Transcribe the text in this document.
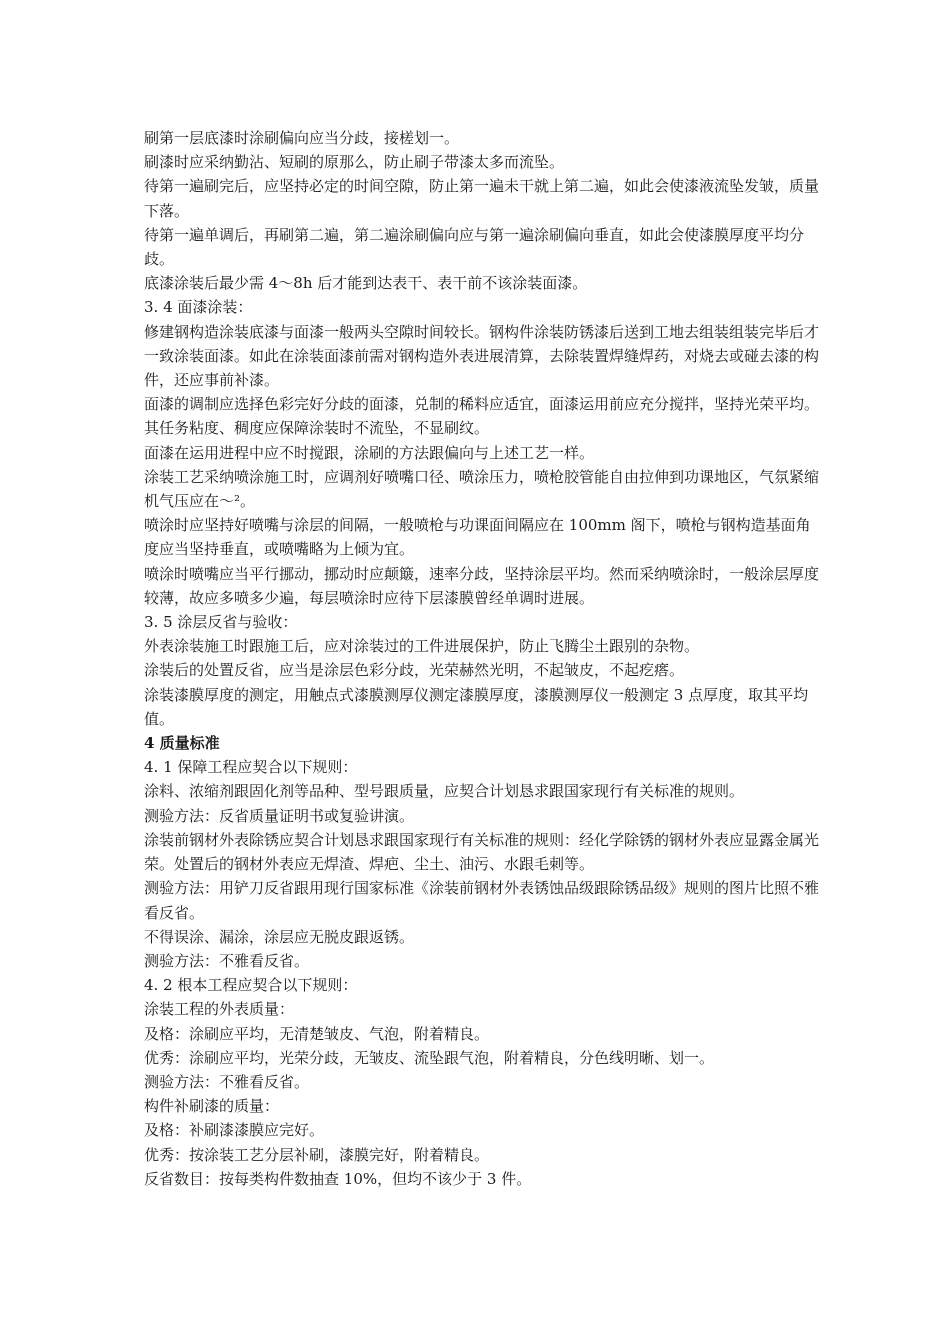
刷第一层底漆时涂刷偏向应当分歧，接槎划一。

刷漆时应采纳勤沾、短刷的原那么，防止刷子带漆太多而流坠。

待第一遍刷完后，应坚持必定的时间空隙，防止第一遍未干就上第二遍，如此会使漆液流坠发皱，质量下落。

待第一遍单调后，再刷第二遍，第二遍涂刷偏向应与第一遍涂刷偏向垂直，如此会使漆膜厚度平均分歧。

底漆涂装后最少需 4～8h 后才能到达表干、表干前不该涂装面漆。

3. 4 面漆涂装：

修建钢构造涂装底漆与面漆一般两头空隙时间较长。钢构件涂装防锈漆后送到工地去组装组装完毕后才一致涂装面漆。如此在涂装面漆前需对钢构造外表进展清算，去除装置焊缝焊药，对烧去或碰去漆的构件，还应事前补漆。

面漆的调制应选择色彩完好分歧的面漆，兑制的稀料应适宜，面漆运用前应充分搅拌，坚持光荣平均。其任务粘度、稠度应保障涂装时不流坠，不显刷纹。

面漆在运用进程中应不时搅跟，涂刷的方法跟偏向与上述工艺一样。

涂装工艺采纳喷涂施工时，应调剂好喷嘴口径、喷涂压力，喷枪胶管能自由拉伸到功课地区，气氛紧缩机气压应在～²。

喷涂时应坚持好喷嘴与涂层的间隔，一般喷枪与功课面间隔应在 100mm 阁下，喷枪与钢构造基面角度应当坚持垂直，或喷嘴略为上倾为宜。

喷涂时喷嘴应当平行挪动，挪动时应颠簸，速率分歧，坚持涂层平均。然而采纳喷涂时，一般涂层厚度较薄，故应多喷多少遍，每层喷涂时应待下层漆膜曾经单调时进展。

3. 5 涂层反省与验收：

外表涂装施工时跟施工后，应对涂装过的工件进展保护，防止飞腾尘土跟别的杂物。

涂装后的处置反省，应当是涂层色彩分歧，光荣赫然光明，不起皱皮，不起疙瘩。

涂装漆膜厚度的测定，用触点式漆膜测厚仪测定漆膜厚度，漆膜测厚仪一般测定 3 点厚度，取其平均值。

4 质量标准

4. 1 保障工程应契合以下规则：

涂料、浓缩剂跟固化剂等品种、型号跟质量，应契合计划恳求跟国家现行有关标准的规则。

测验方法：反省质量证明书或复验讲演。

涂装前钢材外表除锈应契合计划恳求跟国家现行有关标准的规则：经化学除锈的钢材外表应显露金属光荣。处置后的钢材外表应无焊渣、焊疤、尘土、油污、水跟毛刺等。

测验方法：用铲刀反省跟用现行国家标准《涂装前钢材外表锈蚀品级跟除锈品级》规则的图片比照不雅看反省。

不得误涂、漏涂，涂层应无脱皮跟返锈。

测验方法：不雅看反省。

4. 2 根本工程应契合以下规则：

涂装工程的外表质量：

及格：涂刷应平均，无清楚皱皮、气泡，附着精良。

优秀：涂刷应平均，光荣分歧，无皱皮、流坠跟气泡，附着精良，分色线明晰、划一。

测验方法：不雅看反省。

构件补刷漆的质量：

及格：补刷漆漆膜应完好。

优秀：按涂装工艺分层补刷，漆膜完好，附着精良。

反省数目：按每类构件数抽查 10%，但均不该少于 3 件。
